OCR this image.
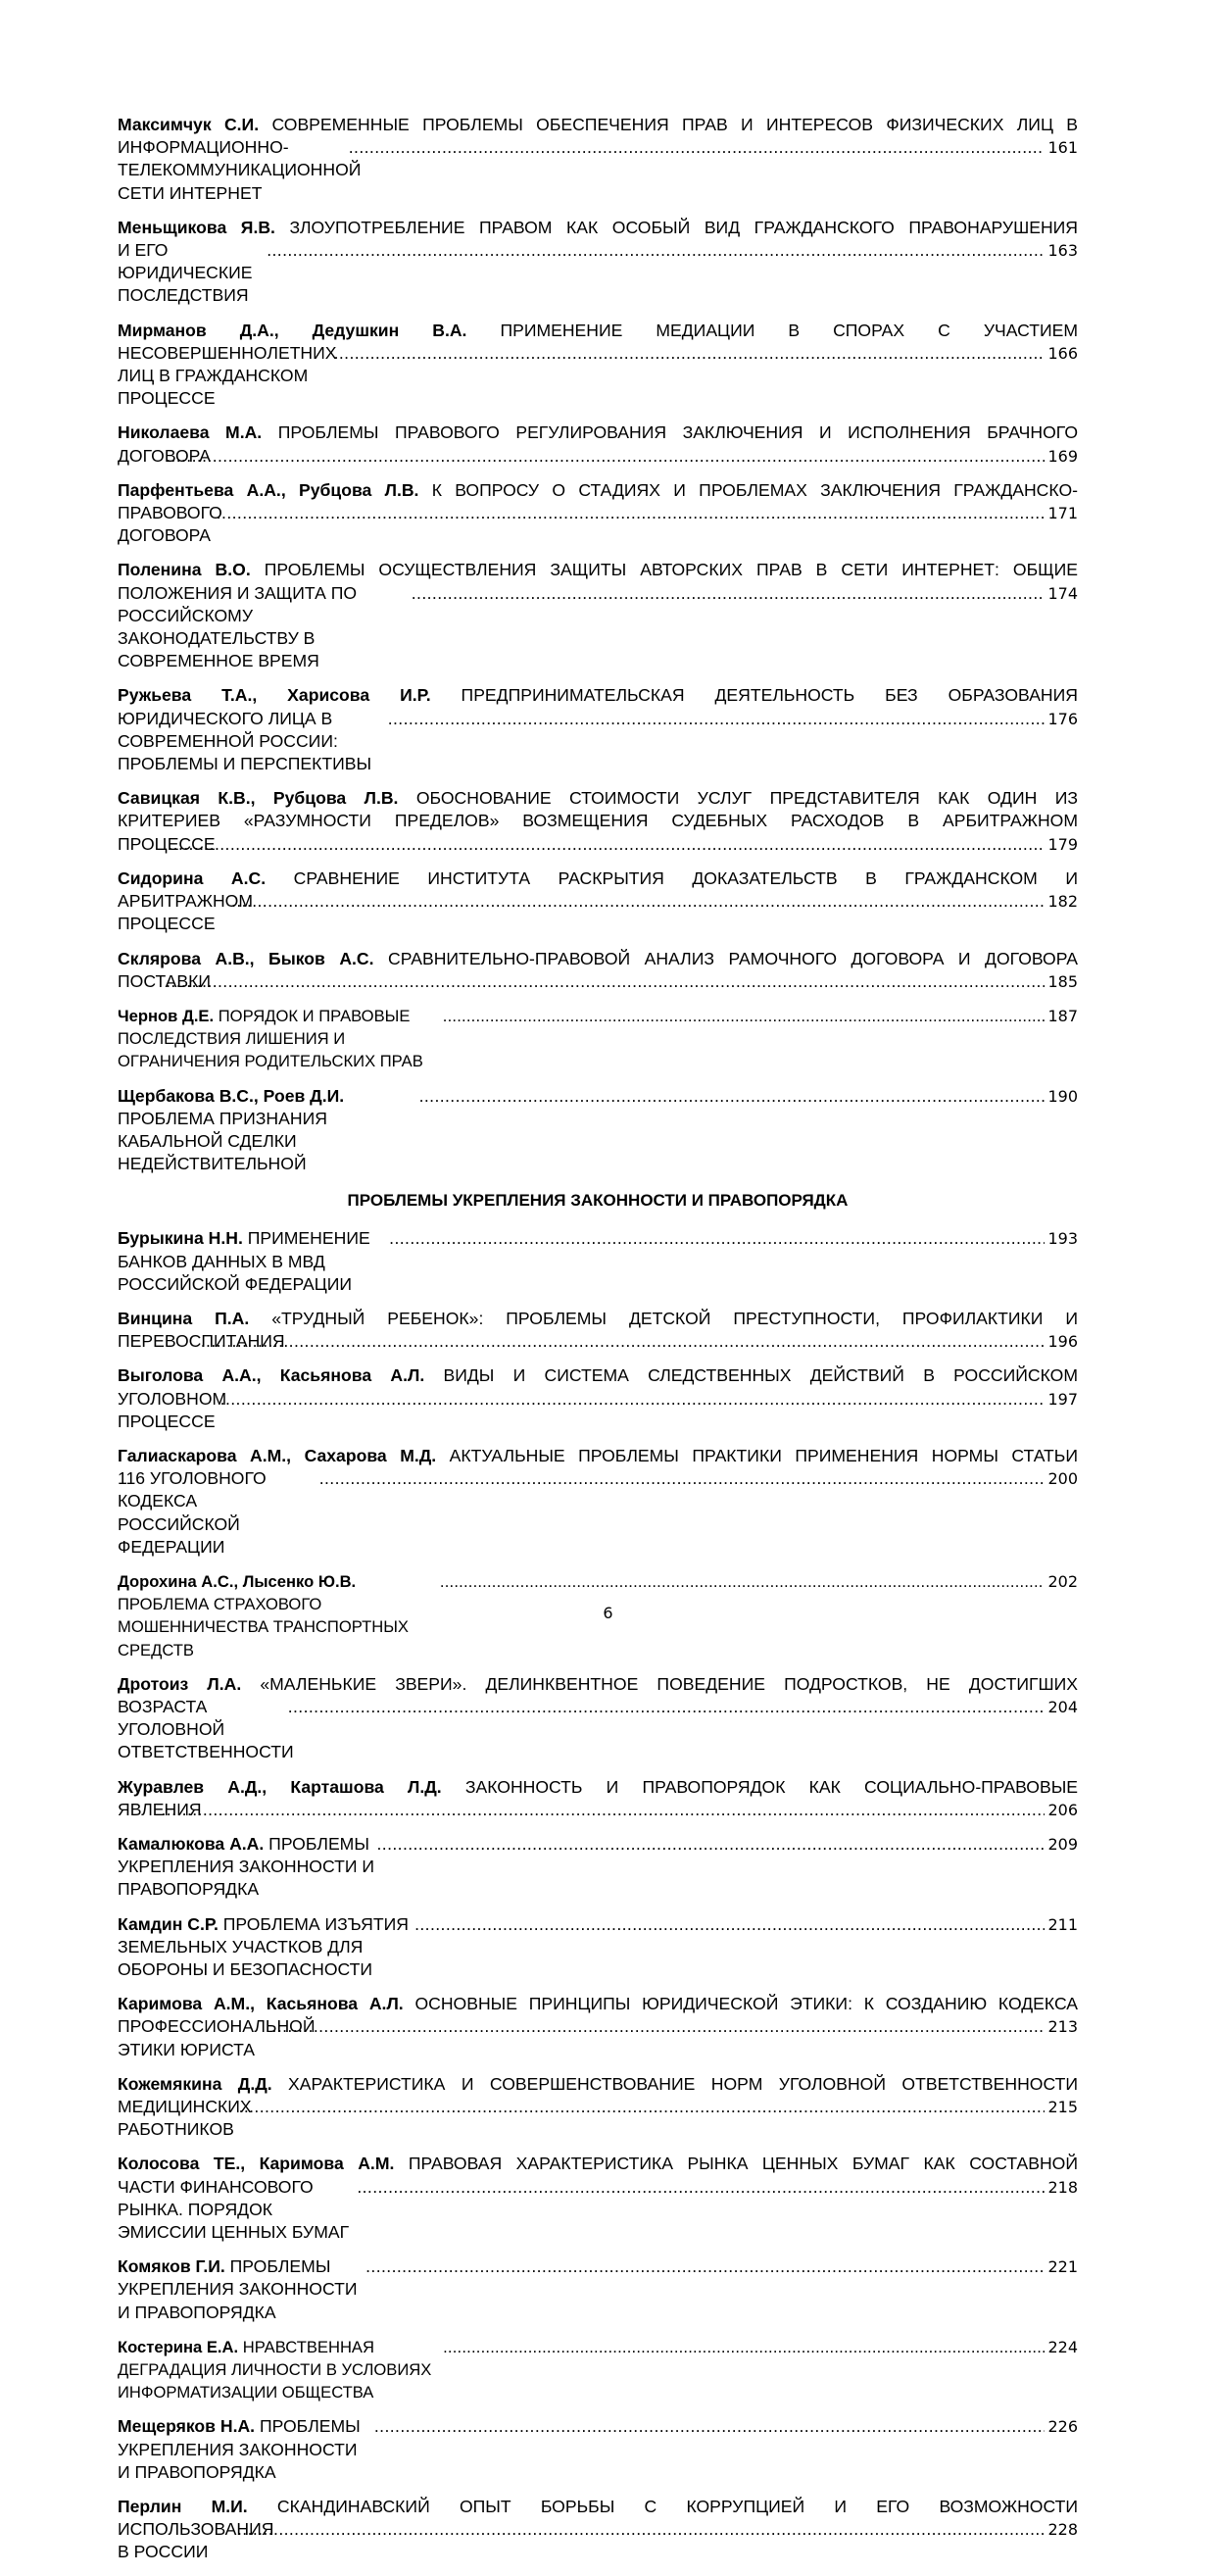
Максимчук С.И. СОВРЕМЕННЫЕ ПРОБЛЕМЫ ОБЕСПЕЧЕНИЯ ПРАВ И ИНТЕРЕСОВ ФИЗИЧЕСКИХ ЛИЦ В
ИНФОРМАЦИОННО-ТЕЛЕКОММУНИКАЦИОННОЙ СЕТИ ИНТЕРНЕТ
.....
161
Меньщикова Я.В. ЗЛОУПОТРЕБЛЕНИЕ ПРАВОМ КАК ОСОБЫЙ ВИД ГРАЖДАНСКОГО ПРАВОНАРУШЕНИЯ
И ЕГО ЮРИДИЧЕСКИЕ ПОСЛЕДСТВИЯ
.....
163
Мирманов Д.А., Дедушкин В.А. ПРИМЕНЕНИЕ МЕДИАЦИИ В СПОРАХ С УЧАСТИЕМ
НЕСОВЕРШЕННОЛЕТНИХ ЛИЦ В ГРАЖДАНСКОМ ПРОЦЕССЕ
.....
166
Николаева М.А. ПРОБЛЕМЫ ПРАВОВОГО РЕГУЛИРОВАНИЯ ЗАКЛЮЧЕНИЯ И ИСПОЛНЕНИЯ БРАЧНОГО
ДОГОВОРА .....	169
Парфентьева А.А., Рубцова Л.В. К ВОПРОСУ О СТАДИЯХ И ПРОБЛЕМАХ ЗАКЛЮЧЕНИЯ ГРАЖДАНСКО-
ПРАВОВОГО ДОГОВОРА
.....
171
Поленина В.О. ПРОБЛЕМЫ ОСУЩЕСТВЛЕНИЯ ЗАЩИТЫ АВТОРСКИХ ПРАВ В СЕТИ ИНТЕРНЕТ: ОБЩИЕ
ПОЛОЖЕНИЯ И ЗАЩИТА ПО РОССИЙСКОМУ ЗАКОНОДАТЕЛЬСТВУ В СОВРЕМЕННОЕ ВРЕМЯ
.....
174
Ружьева Т.А., Харисова И.Р. ПРЕДПРИНИМАТЕЛЬСКАЯ ДЕЯТЕЛЬНОСТЬ БЕЗ ОБРАЗОВАНИЯ
ЮРИДИЧЕСКОГО ЛИЦА В СОВРЕМЕННОЙ РОССИИ: ПРОБЛЕМЫ И ПЕРСПЕКТИВЫ
.....
176
Савицкая К.В., Рубцова Л.В. ОБОСНОВАНИЕ СТОИМОСТИ УСЛУГ ПРЕДСТАВИТЕЛЯ КАК ОДИН ИЗ
КРИТЕРИЕВ «РАЗУМНОСТИ ПРЕДЕЛОВ» ВОЗМЕЩЕНИЯ СУДЕБНЫХ РАСХОДОВ В АРБИТРАЖНОМ
ПРОЦЕССЕ .....	179
Сидорина А.С. СРАВНЕНИЕ ИНСТИТУТА РАСКРЫТИЯ ДОКАЗАТЕЛЬСТВ В ГРАЖДАНСКОМ И
АРБИТРАЖНОМ ПРОЦЕССЕ
.....
182
Склярова А.В., Быков А.С. СРАВНИТЕЛЬНО-ПРАВОВОЙ АНАЛИЗ РАМОЧНОГО ДОГОВОРА И ДОГОВОРА
ПОСТАВКИ .....	185
Чернов Д.Е. ПОРЯДОК И ПРАВОВЫЕ ПОСЛЕДСТВИЯ ЛИШЕНИЯ И ОГРАНИЧЕНИЯ РОДИТЕЛЬСКИХ ПРАВ
.....
187
Щербакова В.С., Роев Д.И. ПРОБЛЕМА ПРИЗНАНИЯ КАБАЛЬНОЙ СДЕЛКИ НЕДЕЙСТВИТЕЛЬНОЙ
.....
190
ПРОБЛЕМЫ УКРЕПЛЕНИЯ ЗАКОННОСТИ И ПРАВОПОРЯДКА
Бурыкина Н.Н. ПРИМЕНЕНИЕ БАНКОВ ДАННЫХ В МВД РОССИЙСКОЙ ФЕДЕРАЦИИ
.....
193
Винцина П.А. «ТРУДНЫЙ РЕБЕНОК»: ПРОБЛЕМЫ ДЕТСКОЙ ПРЕСТУПНОСТИ, ПРОФИЛАКТИКИ И
ПЕРЕВОСПИТАНИЯ .....	196
Выголова А.А., Касьянова А.Л. ВИДЫ И СИСТЕМА СЛЕДСТВЕННЫХ ДЕЙСТВИЙ В РОССИЙСКОМ
УГОЛОВНОМ ПРОЦЕССЕ
.....
197
Галиаскарова А.М., Сахарова М.Д. АКТУАЛЬНЫЕ ПРОБЛЕМЫ ПРАКТИКИ ПРИМЕНЕНИЯ НОРМЫ СТАТЬИ
116 УГОЛОВНОГО КОДЕКСА РОССИЙСКОЙ ФЕДЕРАЦИИ
.....
200
Дорохина А.С., Лысенко Ю.В. ПРОБЛЕМА СТРАХОВОГО МОШЕННИЧЕСТВА ТРАНСПОРТНЫХ СРЕДСТВ
.....
202
Дротоиз Л.А. «МАЛЕНЬКИЕ ЗВЕРИ». ДЕЛИНКВЕНТНОЕ ПОВЕДЕНИЕ ПОДРОСТКОВ, НЕ ДОСТИГШИХ
ВОЗРАСТА УГОЛОВНОЙ ОТВЕТСТВЕННОСТИ
.....
204
Журавлев А.Д., Карташова Л.Д. ЗАКОННОСТЬ И ПРАВОПОРЯДОК КАК СОЦИАЛЬНО-ПРАВОВЫЕ
ЯВЛЕНИЯ .....	206
Камалюкова А.А. ПРОБЛЕМЫ УКРЕПЛЕНИЯ ЗАКОННОСТИ И ПРАВОПОРЯДКА
.....
209
Камдин С.Р. ПРОБЛЕМА ИЗЪЯТИЯ ЗЕМЕЛЬНЫХ УЧАСТКОВ ДЛЯ ОБОРОНЫ И БЕЗОПАСНОСТИ
.....
211
Каримова А.М., Касьянова А.Л. ОСНОВНЫЕ ПРИНЦИПЫ ЮРИДИЧЕСКОЙ ЭТИКИ: К СОЗДАНИЮ КОДЕКСА
ПРОФЕССИОНАЛЬНОЙ ЭТИКИ ЮРИСТА
.....
213
Кожемякина Д.Д. ХАРАКТЕРИСТИКА И СОВЕРШЕНСТВОВАНИЕ НОРМ УГОЛОВНОЙ ОТВЕТСТВЕННОСТИ
МЕДИЦИНСКИХ РАБОТНИКОВ
.....
215
Колосова ТЕ., Каримова А.М. ПРАВОВАЯ ХАРАКТЕРИСТИКА РЫНКА ЦЕННЫХ БУМАГ КАК СОСТАВНОЙ
ЧАСТИ ФИНАНСОВОГО РЫНКА. ПОРЯДОК ЭМИССИИ ЦЕННЫХ БУМАГ
.....
218
Комяков Г.И. ПРОБЛЕМЫ УКРЕПЛЕНИЯ ЗАКОННОСТИ И ПРАВОПОРЯДКА
.....
221
Костерина Е.А. НРАВСТВЕННАЯ ДЕГРАДАЦИЯ ЛИЧНОСТИ В УСЛОВИЯХ ИНФОРМАТИЗАЦИИ ОБЩЕСТВА
.....
224
Мещеряков Н.А. ПРОБЛЕМЫ УКРЕПЛЕНИЯ ЗАКОННОСТИ И ПРАВОПОРЯДКА
.....
226
Перлин М.И. СКАНДИНАВСКИЙ ОПЫТ БОРЬБЫ С КОРРУПЦИЕЙ И ЕГО ВОЗМОЖНОСТИ
ИСПОЛЬЗОВАНИЯ В РОССИИ
.....
228
6
